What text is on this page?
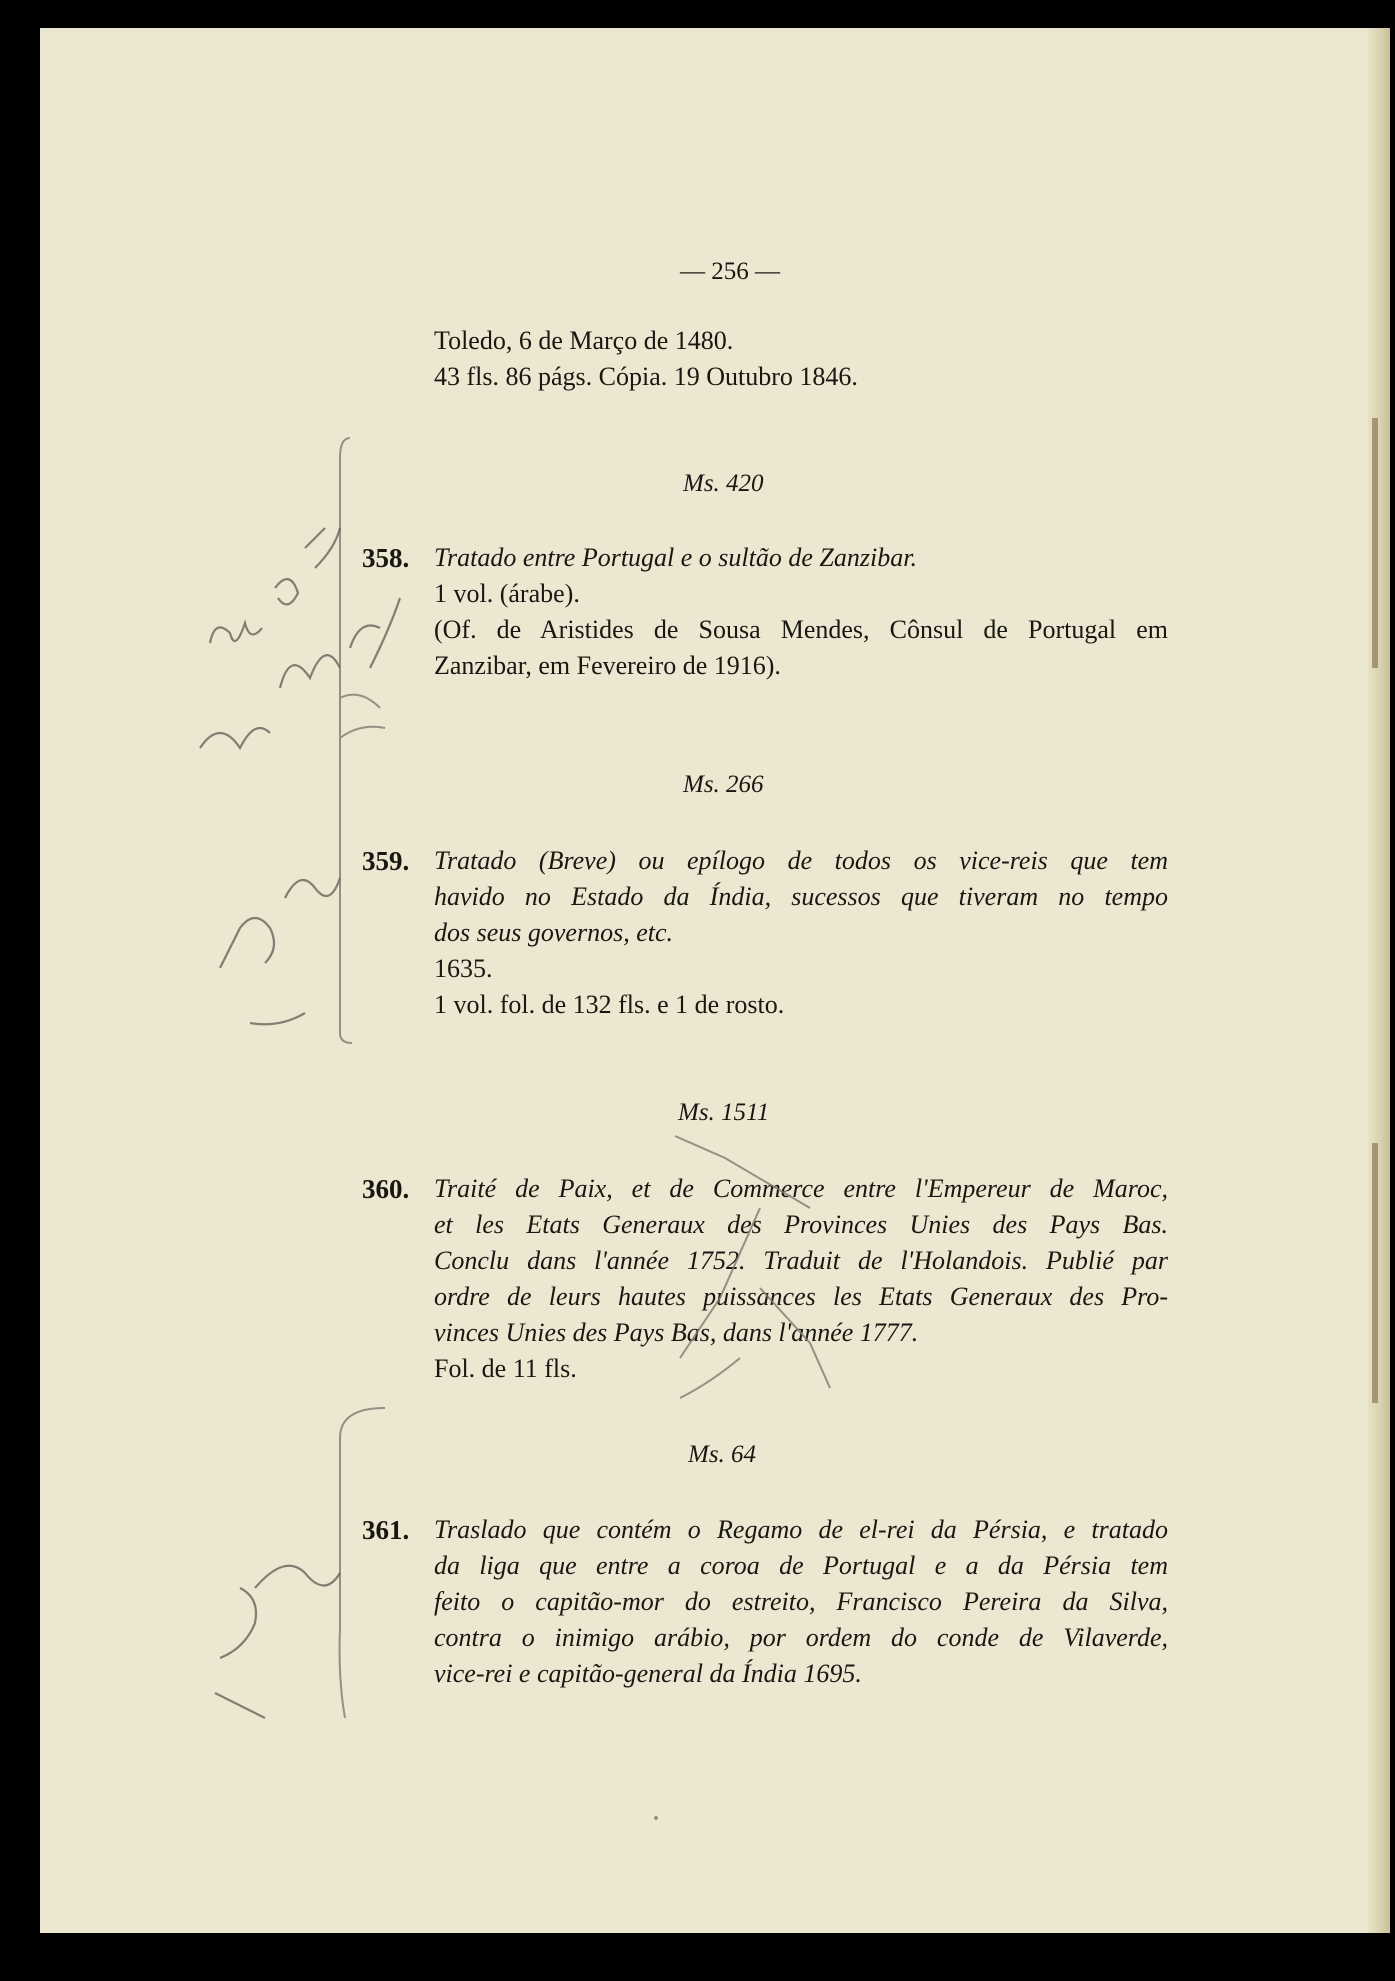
— 256 —
Toledo, 6 de Março de 1480.
43 fls. 86 págs. Cópia. 19 Outubro 1846.
Ms. 420
358. Tratado entre Portugal e o sultão de Zanzibar.
1 vol. (árabe).
(Of. de Aristides de Sousa Mendes, Cônsul de Portugal em
Zanzibar, em Fevereiro de 1916).
Ms. 266
359. Tratado (Breve) ou epílogo de todos os vice-reis que tem
havido no Estado da Índia, sucessos que tiveram no tempo
dos seus governos, etc.
1635.
1 vol. fol. de 132 fls. e 1 de rosto.
Ms. 1511
360. Traité de Paix, et de Commerce entre l'Empereur de Maroc,
et les Etats Generaux des Provinces Unies des Pays Bas.
Conclu dans l'année 1752. Traduit de l'Holandois. Publié par
ordre de leurs hautes puissances les Etats Generaux des Pro-
vinces Unies des Pays Bas, dans l'année 1777.
Fol. de 11 fls.
Ms. 64
361. Traslado que contém o Regamo de el-rei da Pérsia, e tratado
da liga que entre a coroa de Portugal e a da Pérsia tem
feito o capitão-mor do estreito, Francisco Pereira da Silva,
contra o inimigo arábio, por ordem do conde de Vilaverde,
vice-rei e capitão-general da Índia 1695.
